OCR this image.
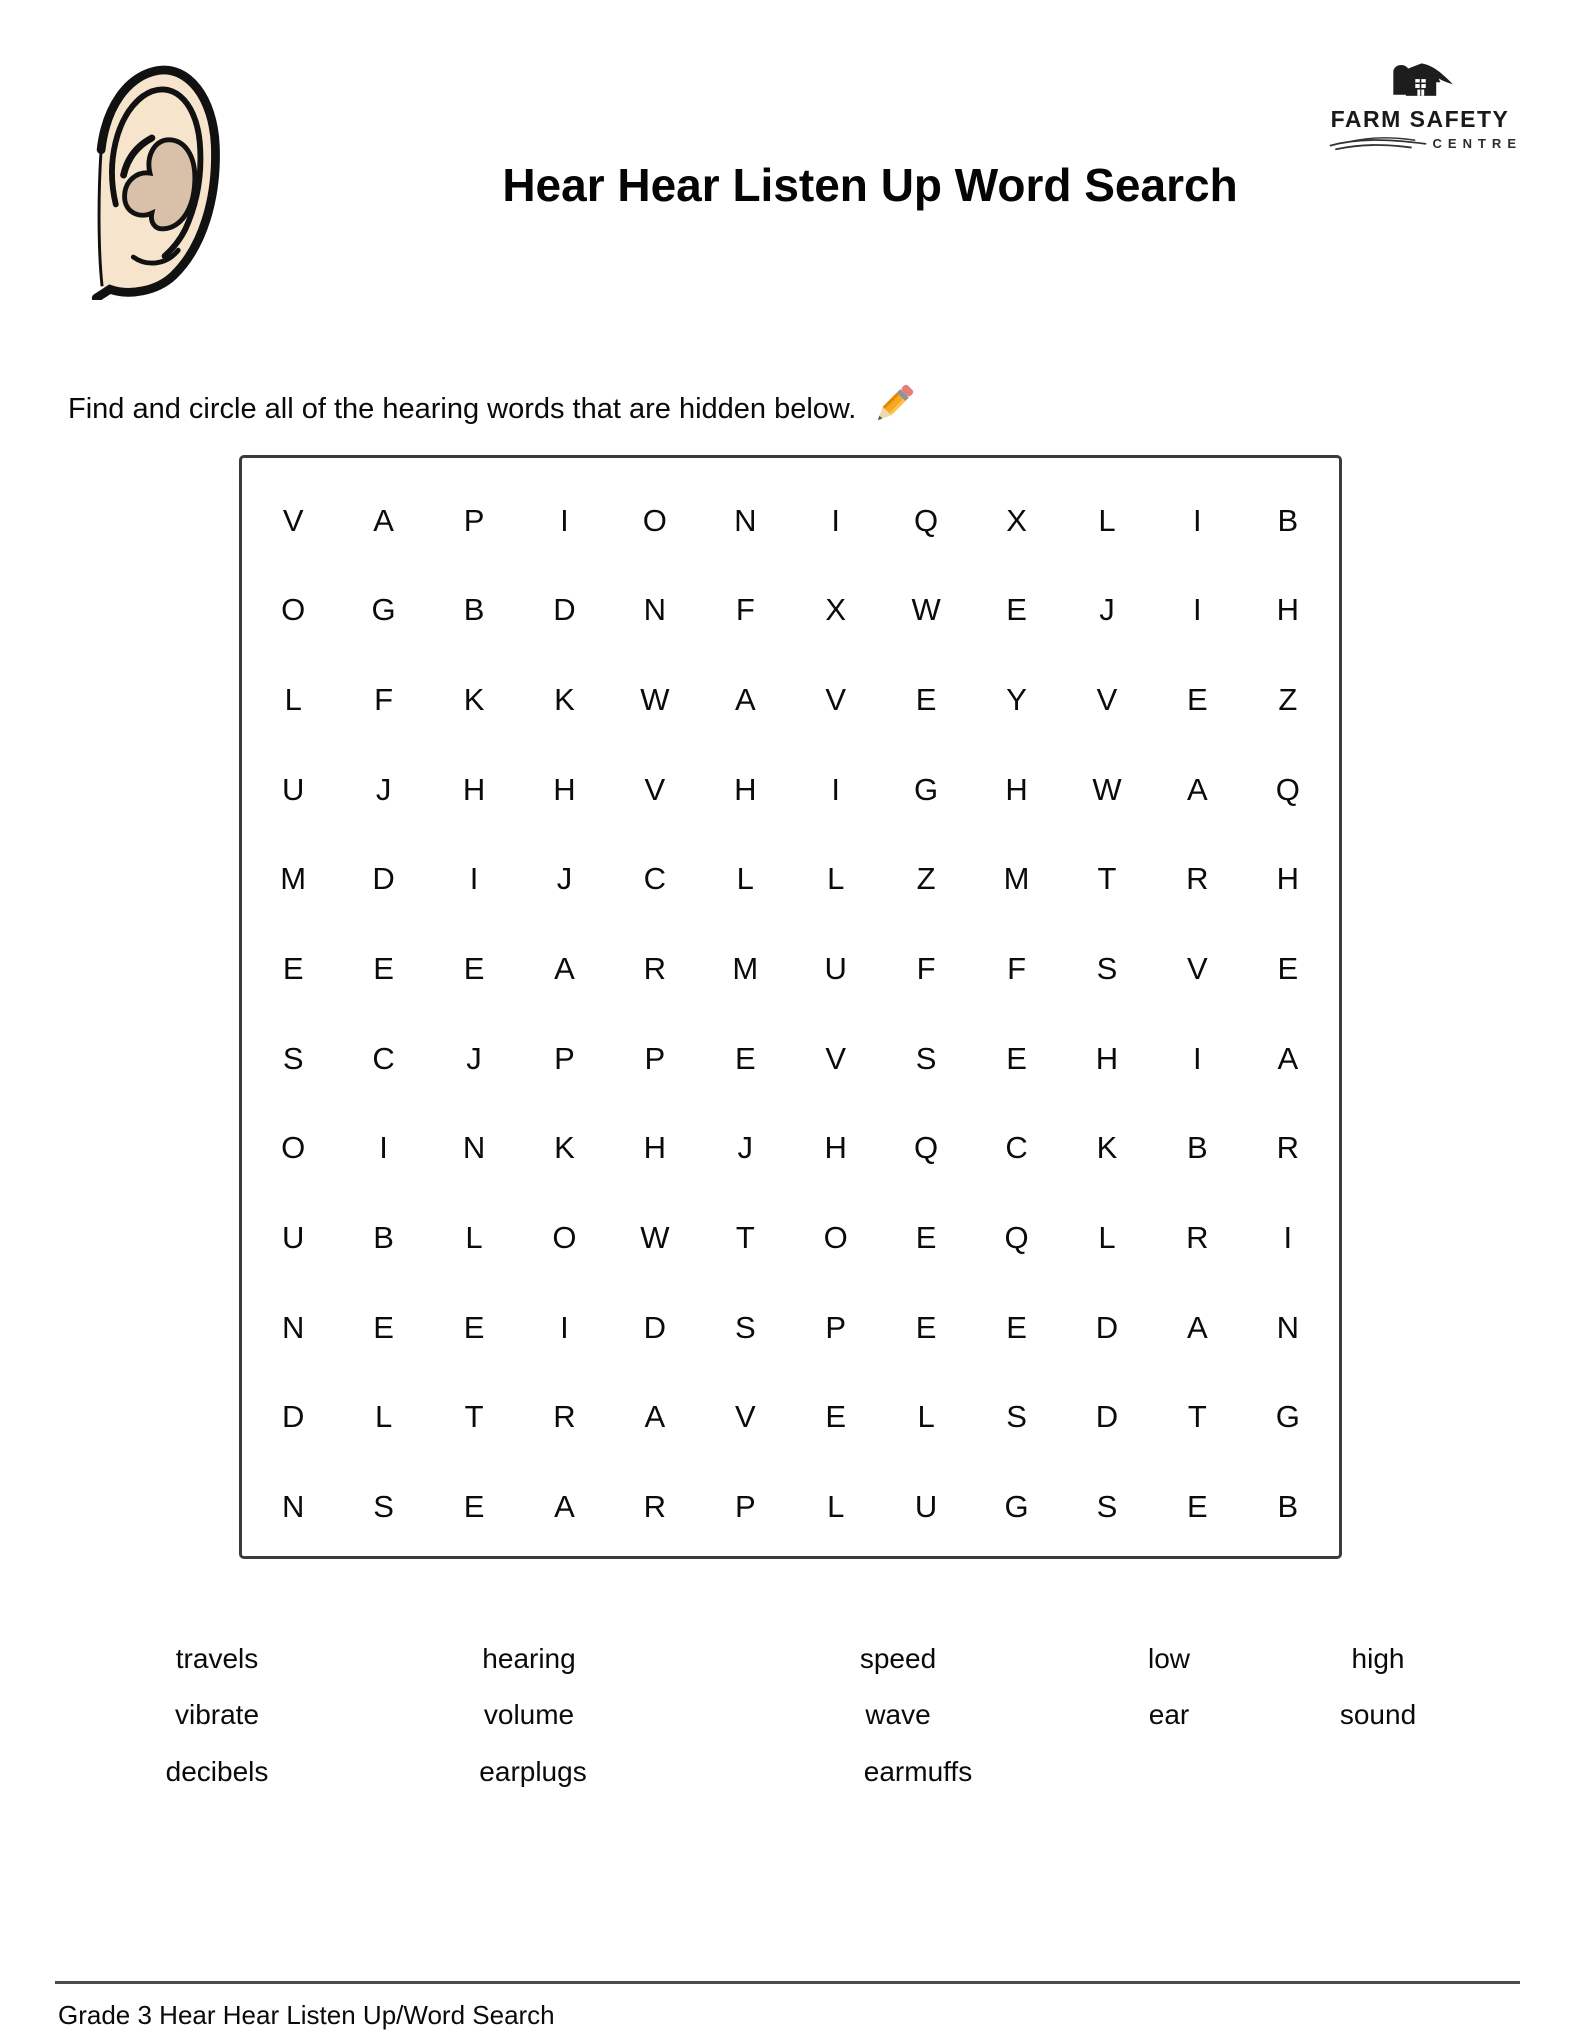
FARM SAFETY
CENTRE
Hear Hear Listen Up Word Search
Find and circle all of the hearing words that are hidden below.
V	A	P	I	O	N	I	Q	X	L	I	B
O	G	B	D	N	F	X	W	E	J	I	H
L	F	K	K	W	A	V	E	Y	V	E	Z
U	J	H	H	V	H	I	G	H	W	A	Q
M	D	I	J	C	L	L	Z	M	T	R	H
E	E	E	A	R	M	U	F	F	S	V	E
S	C	J	P	P	E	V	S	E	H	I	A
O	I	N	K	H	J	H	Q	C	K	B	R
U	B	L	O	W	T	O	E	Q	L	R	I
N	E	E	I	D	S	P	E	E	D	A	N
D	L	T	R	A	V	E	L	S	D	T	G
N	S	E	A	R	P	L	U	G	S	E	B
travels	hearing	speed	low	high
vibrate	volume	wave	ear	sound
decibels	earplugs	earmuffs
Grade 3 Hear Hear Listen Up/Word Search
